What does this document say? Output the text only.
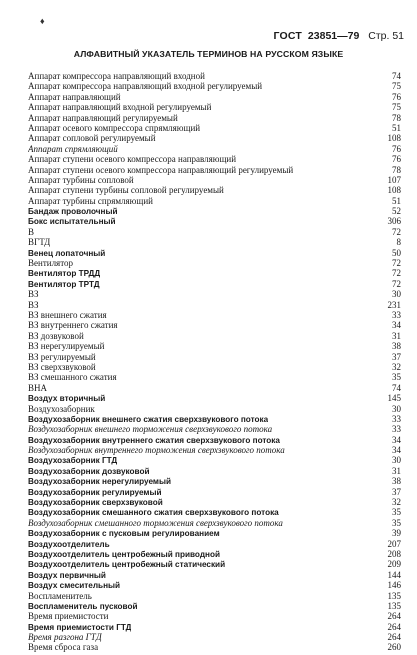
♦
ГОСТ 23851—79 Стр. 51
АЛФАВИТНЫЙ УКАЗАТЕЛЬ ТЕРМИНОВ НА РУССКОМ ЯЗЫКЕ
Аппарат компрессора направляющий входной	74
Аппарат компрессора направляющий входной регулируемый	75
Аппарат направляющий	76
Аппарат направляющий входной регулируемый	75
Аппарат направляющий регулируемый	78
Аппарат осевого компрессора спрямляющий	51
Аппарат сопловой регулируемый	108
Аппарат спрямляющий	76
Аппарат ступени осевого компрессора направляющий	76
Аппарат ступени осевого компрессора направляющий регулируемый	78
Аппарат турбины сопловой	107
Аппарат ступени турбины сопловой регулируемый	108
Аппарат турбины спрямляющий	51
Бандаж проволочный	52
Бокс испытательный	306
В	72
ВГТД	8
Венец лопаточный	50
Вентилятор	72
Вентилятор ТРДД	72
Вентилятор ТРТД	72
ВЗ	30
ВЗ	231
ВЗ внешнего сжатия	33
ВЗ внутреннего сжатия	34
ВЗ дозвуковой	31
ВЗ нерегулируемый	38
ВЗ регулируемый	37
ВЗ сверхзвуковой	32
ВЗ смешанного сжатия	35
ВНА	74
Воздух вторичный	145
Воздухозаборник	30
Воздухозаборник внешнего сжатия сверхзвукового потока	33
Воздухозаборник внешнего торможения сверхзвукового потока	33
Воздухозаборник внутреннего сжатия сверхзвукового потока	34
Воздухозаборник внутреннего торможения сверхзвукового потока	34
Воздухозаборник ГТД	30
Воздухозаборник дозвуковой	31
Воздухозаборник нерегулируемый	38
Воздухозаборник регулируемый	37
Воздухозаборник сверхзвуковой	32
Воздухозаборник смешанного сжатия сверхзвукового потока	35
Воздухозаборник смешанного торможения сверхзвукового потока	35
Воздухозаборник с пусковым регулированием	39
Воздухоотделитель	207
Воздухоотделитель центробежный приводной	208
Воздухоотделитель центробежный статический	209
Воздух первичный	144
Воздух смесительный	146
Воспламенитель	135
Воспламенитель пусковой	135
Время приемистости	264
Время приемистости ГТД	264
Время разгона ГТД	264
Время сброса газа	260
